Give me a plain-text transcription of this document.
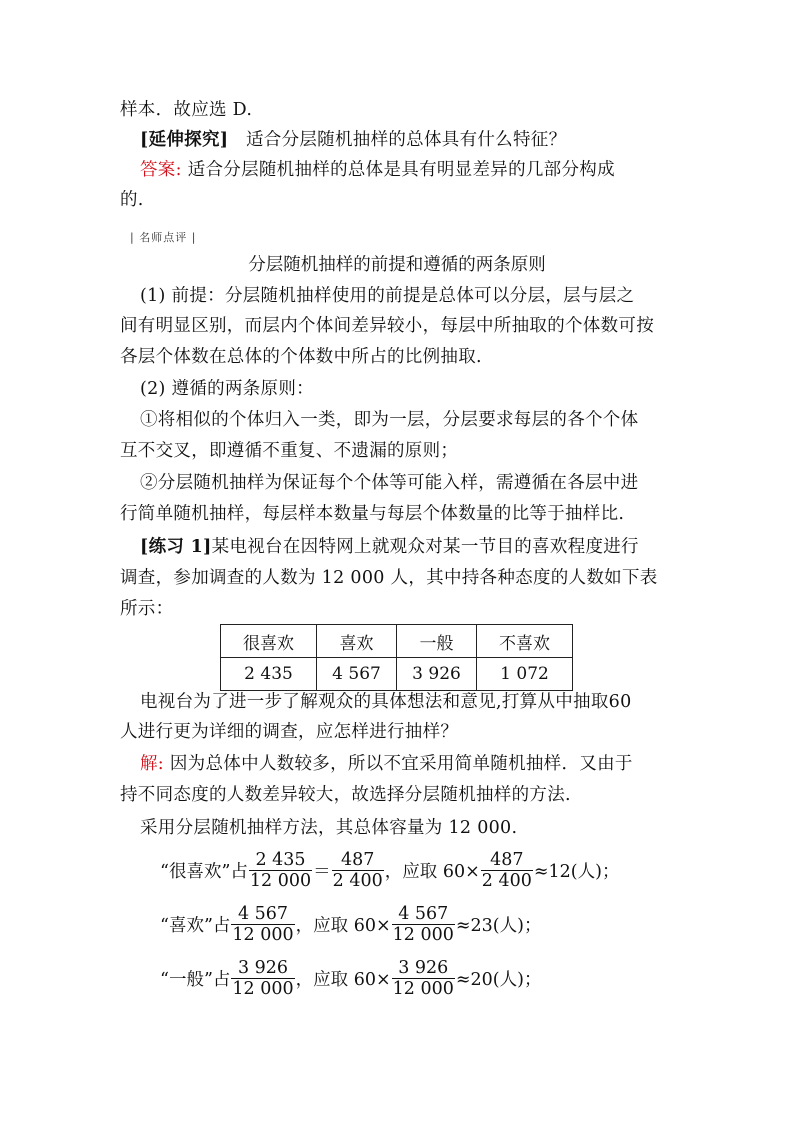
样本．故应选 D.
[延伸探究] 适合分层随机抽样的总体具有什么特征？
答案: 适合分层随机抽样的总体是具有明显差异的几部分构成
的.
| 名师点评 |
分层随机抽样的前提和遵循的两条原则
(1) 前提：分层随机抽样使用的前提是总体可以分层，层与层之
间有明显区别，而层内个体间差异较小，每层中所抽取的个体数可按
各层个体数在总体的个体数中所占的比例抽取.
(2) 遵循的两条原则：
①将相似的个体归入一类，即为一层，分层要求每层的各个个体
互不交叉，即遵循不重复、不遗漏的原则；
②分层随机抽样为保证每个个体等可能入样，需遵循在各层中进
行简单随机抽样，每层样本数量与每层个体数量的比等于抽样比.
[练习 1]某电视台在因特网上就观众对某一节目的喜欢程度进行
调查，参加调查的人数为 12 000 人，其中持各种态度的人数如下表
所示：
很喜欢	喜欢	一般	不喜欢
2 435	4 567	3 926	1 072
电视台为了进一步了解观众的具体想法和意见,打算从中抽取60
人进行更为详细的调查，应怎样进行抽样？
解: 因为总体中人数较多，所以不宜采用简单随机抽样．又由于
持不同态度的人数差异较大，故选择分层随机抽样的方法.
采用分层随机抽样方法，其总体容量为 12 000.
“很喜欢”占 $\frac{2 435}{12 000} = \frac{487}{2 400}$ ，应取 $60\times \frac{487}{2 400} \approx 12$(人)；
“喜欢”占 $\frac{4 567}{12 000}$ ，应取 $60\times \frac{4 567}{12 000} \approx 23$(人)；
“一般”占 $\frac{3 926}{12 000}$ ，应取 $60\times \frac{3 926}{12 000} \approx 20$(人)；
